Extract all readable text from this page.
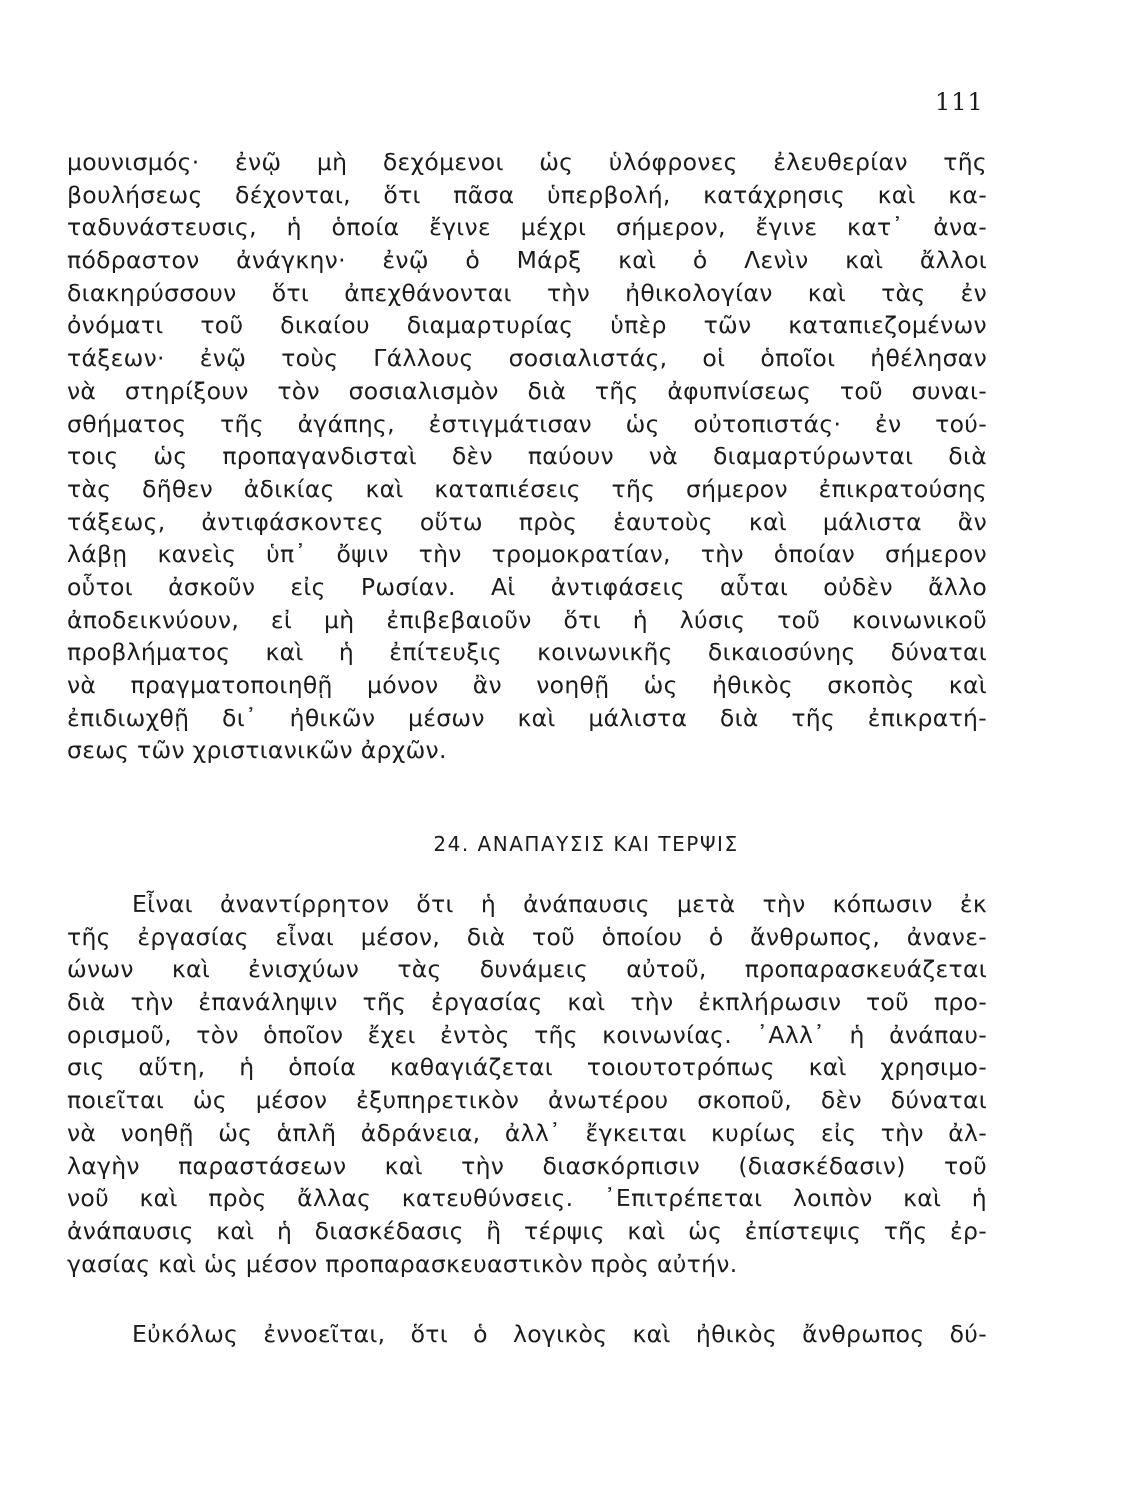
111
μουνισμός· ἐνῷ μὴ δεχόμενοι ὡς ὑλόφρονες ἐλευθερίαν τῆς
βουλήσεως δέχονται, ὅτι πᾶσα ὑπερβολή, κατάχρησις καὶ κα-
ταδυνάστευσις, ἡ ὁποία ἔγινε μέχρι σήμερον, ἔγινε κατ᾽ ἀνα-
πόδραστον ἀνάγκην· ἐνῷ ὁ Μάρξ καὶ ὁ Λενὶν καὶ ἄλλοι
διακηρύσσουν ὅτι ἀπεχθάνονται τὴν ἠθικολογίαν καὶ τὰς ἐν
ὀνόματι τοῦ δικαίου διαμαρτυρίας ὑπὲρ τῶν καταπιεζομένων
τάξεων· ἐνῷ τοὺς Γάλλους σοσιαλιστάς, οἱ ὁποῖοι ἠθέλησαν
νὰ στηρίξουν τὸν σοσιαλισμὸν διὰ τῆς ἀφυπνίσεως τοῦ συναι-
σθήματος τῆς ἀγάπης, ἐστιγμάτισαν ὡς οὐτοπιστάς· ἐν τού-
τοις ὡς προπαγανδισταὶ δὲν παύουν νὰ διαμαρτύρωνται διὰ
τὰς δῆθεν ἀδικίας καὶ καταπιέσεις τῆς σήμερον ἐπικρατούσης
τάξεως, ἀντιφάσκοντες οὕτω πρὸς ἑαυτοὺς καὶ μάλιστα ἂν
λάβῃ κανεὶς ὑπ᾽ ὄψιν τὴν τρομοκρατίαν, τὴν ὁποίαν σήμερον
οὗτοι ἀσκοῦν εἰς Ρωσίαν. Αἱ ἀντιφάσεις αὗται οὐδὲν ἄλλο
ἀποδεικνύουν, εἰ μὴ ἐπιβεβαιοῦν ὅτι ἡ λύσις τοῦ κοινωνικοῦ
προβλήματος καὶ ἡ ἐπίτευξις κοινωνικῆς δικαιοσύνης δύναται
νὰ πραγματοποιηθῇ μόνον ἂν νοηθῇ ὡς ἠθικὸς σκοπὸς καὶ
ἐπιδιωχθῇ δι᾽ ἠθικῶν μέσων καὶ μάλιστα διὰ τῆς ἐπικρατή-
σεως τῶν χριστιανικῶν ἀρχῶν.
24. ΑΝΑΠΑΥΣΙΣ ΚΑΙ ΤΕΡΨΙΣ
Εἶναι ἀναντίρρητον ὅτι ἡ ἀνάπαυσις μετὰ τὴν κόπωσιν ἐκ
τῆς ἐργασίας εἶναι μέσον, διὰ τοῦ ὁποίου ὁ ἄνθρωπος, ἀνανε-
ώνων καὶ ἐνισχύων τὰς δυνάμεις αὐτοῦ, προπαρασκευάζεται
διὰ τὴν ἐπανάληψιν τῆς ἐργασίας καὶ τὴν ἐκπλήρωσιν τοῦ προ-
ορισμοῦ, τὸν ὁποῖον ἔχει ἐντὸς τῆς κοινωνίας. ᾿Αλλ᾽ ἡ ἀνάπαυ-
σις αὕτη, ἡ ὁποία καθαγιάζεται τοιουτοτρόπως καὶ χρησιμο-
ποιεῖται ὡς μέσον ἐξυπηρετικὸν ἀνωτέρου σκοποῦ, δὲν δύναται
νὰ νοηθῇ ὡς ἁπλῆ ἀδράνεια, ἀλλ᾽ ἔγκειται κυρίως εἰς τὴν ἀλ-
λαγὴν παραστάσεων καὶ τὴν διασκόρπισιν (διασκέδασιν) τοῦ
νοῦ καὶ πρὸς ἄλλας κατευθύνσεις. ᾿Επιτρέπεται λοιπὸν καὶ ἡ
ἀνάπαυσις καὶ ἡ διασκέδασις ἢ τέρψις καὶ ὡς ἐπίστεψις τῆς ἐρ-
γασίας καὶ ὡς μέσον προπαρασκευαστικὸν πρὸς αὐτήν.
Εὐκόλως ἐννοεῖται, ὅτι ὁ λογικὸς καὶ ἠθικὸς ἄνθρωπος δύ-
